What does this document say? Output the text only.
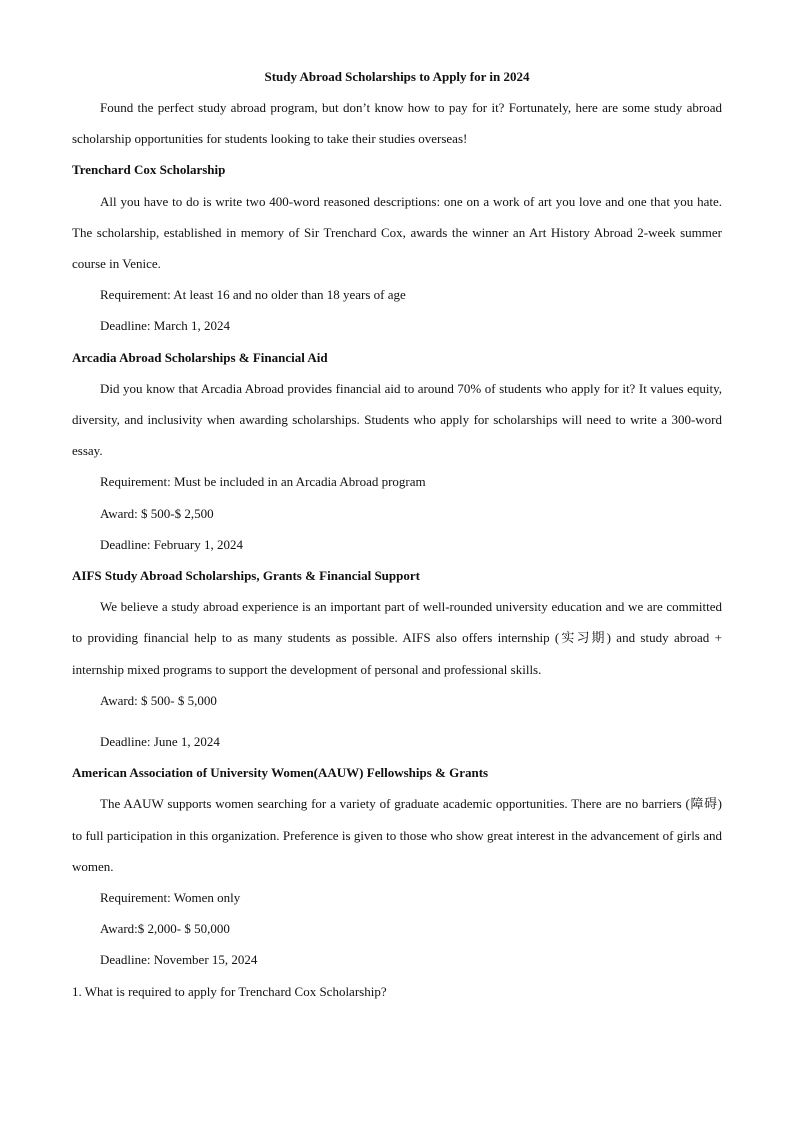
Study Abroad Scholarships to Apply for in 2024

Found the perfect study abroad program, but don’t know how to pay for it? Fortunately, here are some study abroad scholarship opportunities for students looking to take their studies overseas!

Trenchard Cox Scholarship

All you have to do is write two 400-word reasoned descriptions: one on a work of art you love and one that you hate. The scholarship, established in memory of Sir Trenchard Cox, awards the winner an Art History Abroad 2-week summer course in Venice.

Requirement: At least 16 and no older than 18 years of age

Deadline: March 1, 2024

Arcadia Abroad Scholarships & Financial Aid

Did you know that Arcadia Abroad provides financial aid to around 70% of students who apply for it? It values equity, diversity, and inclusivity when awarding scholarships. Students who apply for scholarships will need to write a 300-word essay.

Requirement: Must be included in an Arcadia Abroad program

Award: $ 500-$ 2,500

Deadline: February 1, 2024

AIFS Study Abroad Scholarships, Grants & Financial Support

We believe a study abroad experience is an important part of well-rounded university education and we are committed to providing financial help to as many students as possible. AIFS also offers internship (实习期) and study abroad + internship mixed programs to support the development of personal and professional skills.

Award: $ 500- $ 5,000

Deadline: June 1, 2024

American Association of University Women(AAUW) Fellowships & Grants

The AAUW supports women searching for a variety of graduate academic opportunities. There are no barriers (障碍) to full participation in this organization. Preference is given to those who show great interest in the advancement of girls and women.

Requirement: Women only

Award:$ 2,000- $ 50,000

Deadline: November 15, 2024

1. What is required to apply for Trenchard Cox Scholarship?
